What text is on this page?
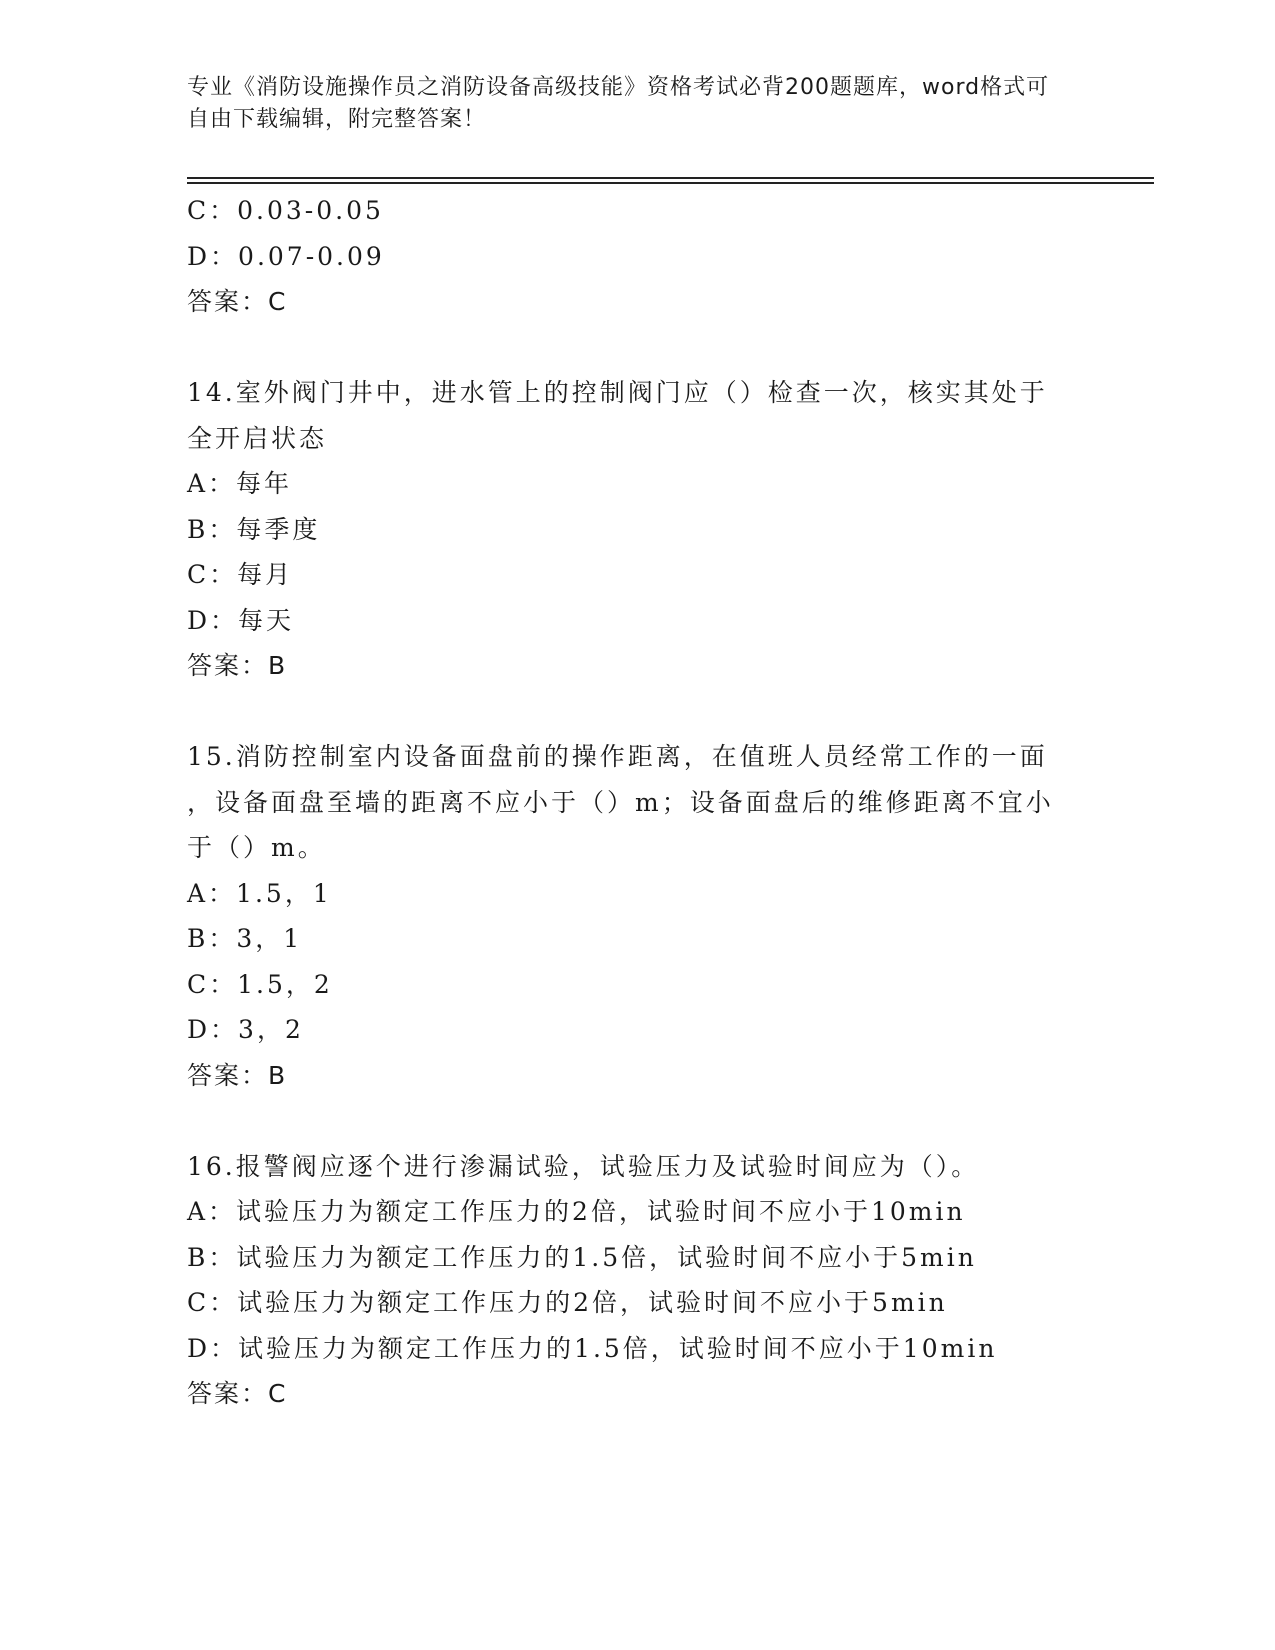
专业《消防设施操作员之消防设备高级技能》资格考试必背200题题库，word格式可自由下载编辑，附完整答案！
C：0.03-0.05
D：0.07-0.09
答案：C
14.室外阀门井中，进水管上的控制阀门应（）检查一次，核实其处于
全开启状态
A：每年
B：每季度
C：每月
D：每天
答案：B
15.消防控制室内设备面盘前的操作距离，在值班人员经常工作的一面
，设备面盘至墙的距离不应小于（）m；设备面盘后的维修距离不宜小
于（）m。
A：1.5，1
B：3，1
C：1.5，2
D：3，2
答案：B
16.报警阀应逐个进行渗漏试验，试验压力及试验时间应为（）。
A：试验压力为额定工作压力的2倍，试验时间不应小于10min
B：试验压力为额定工作压力的1.5倍，试验时间不应小于5min
C：试验压力为额定工作压力的2倍，试验时间不应小于5min
D：试验压力为额定工作压力的1.5倍，试验时间不应小于10min
答案：C
